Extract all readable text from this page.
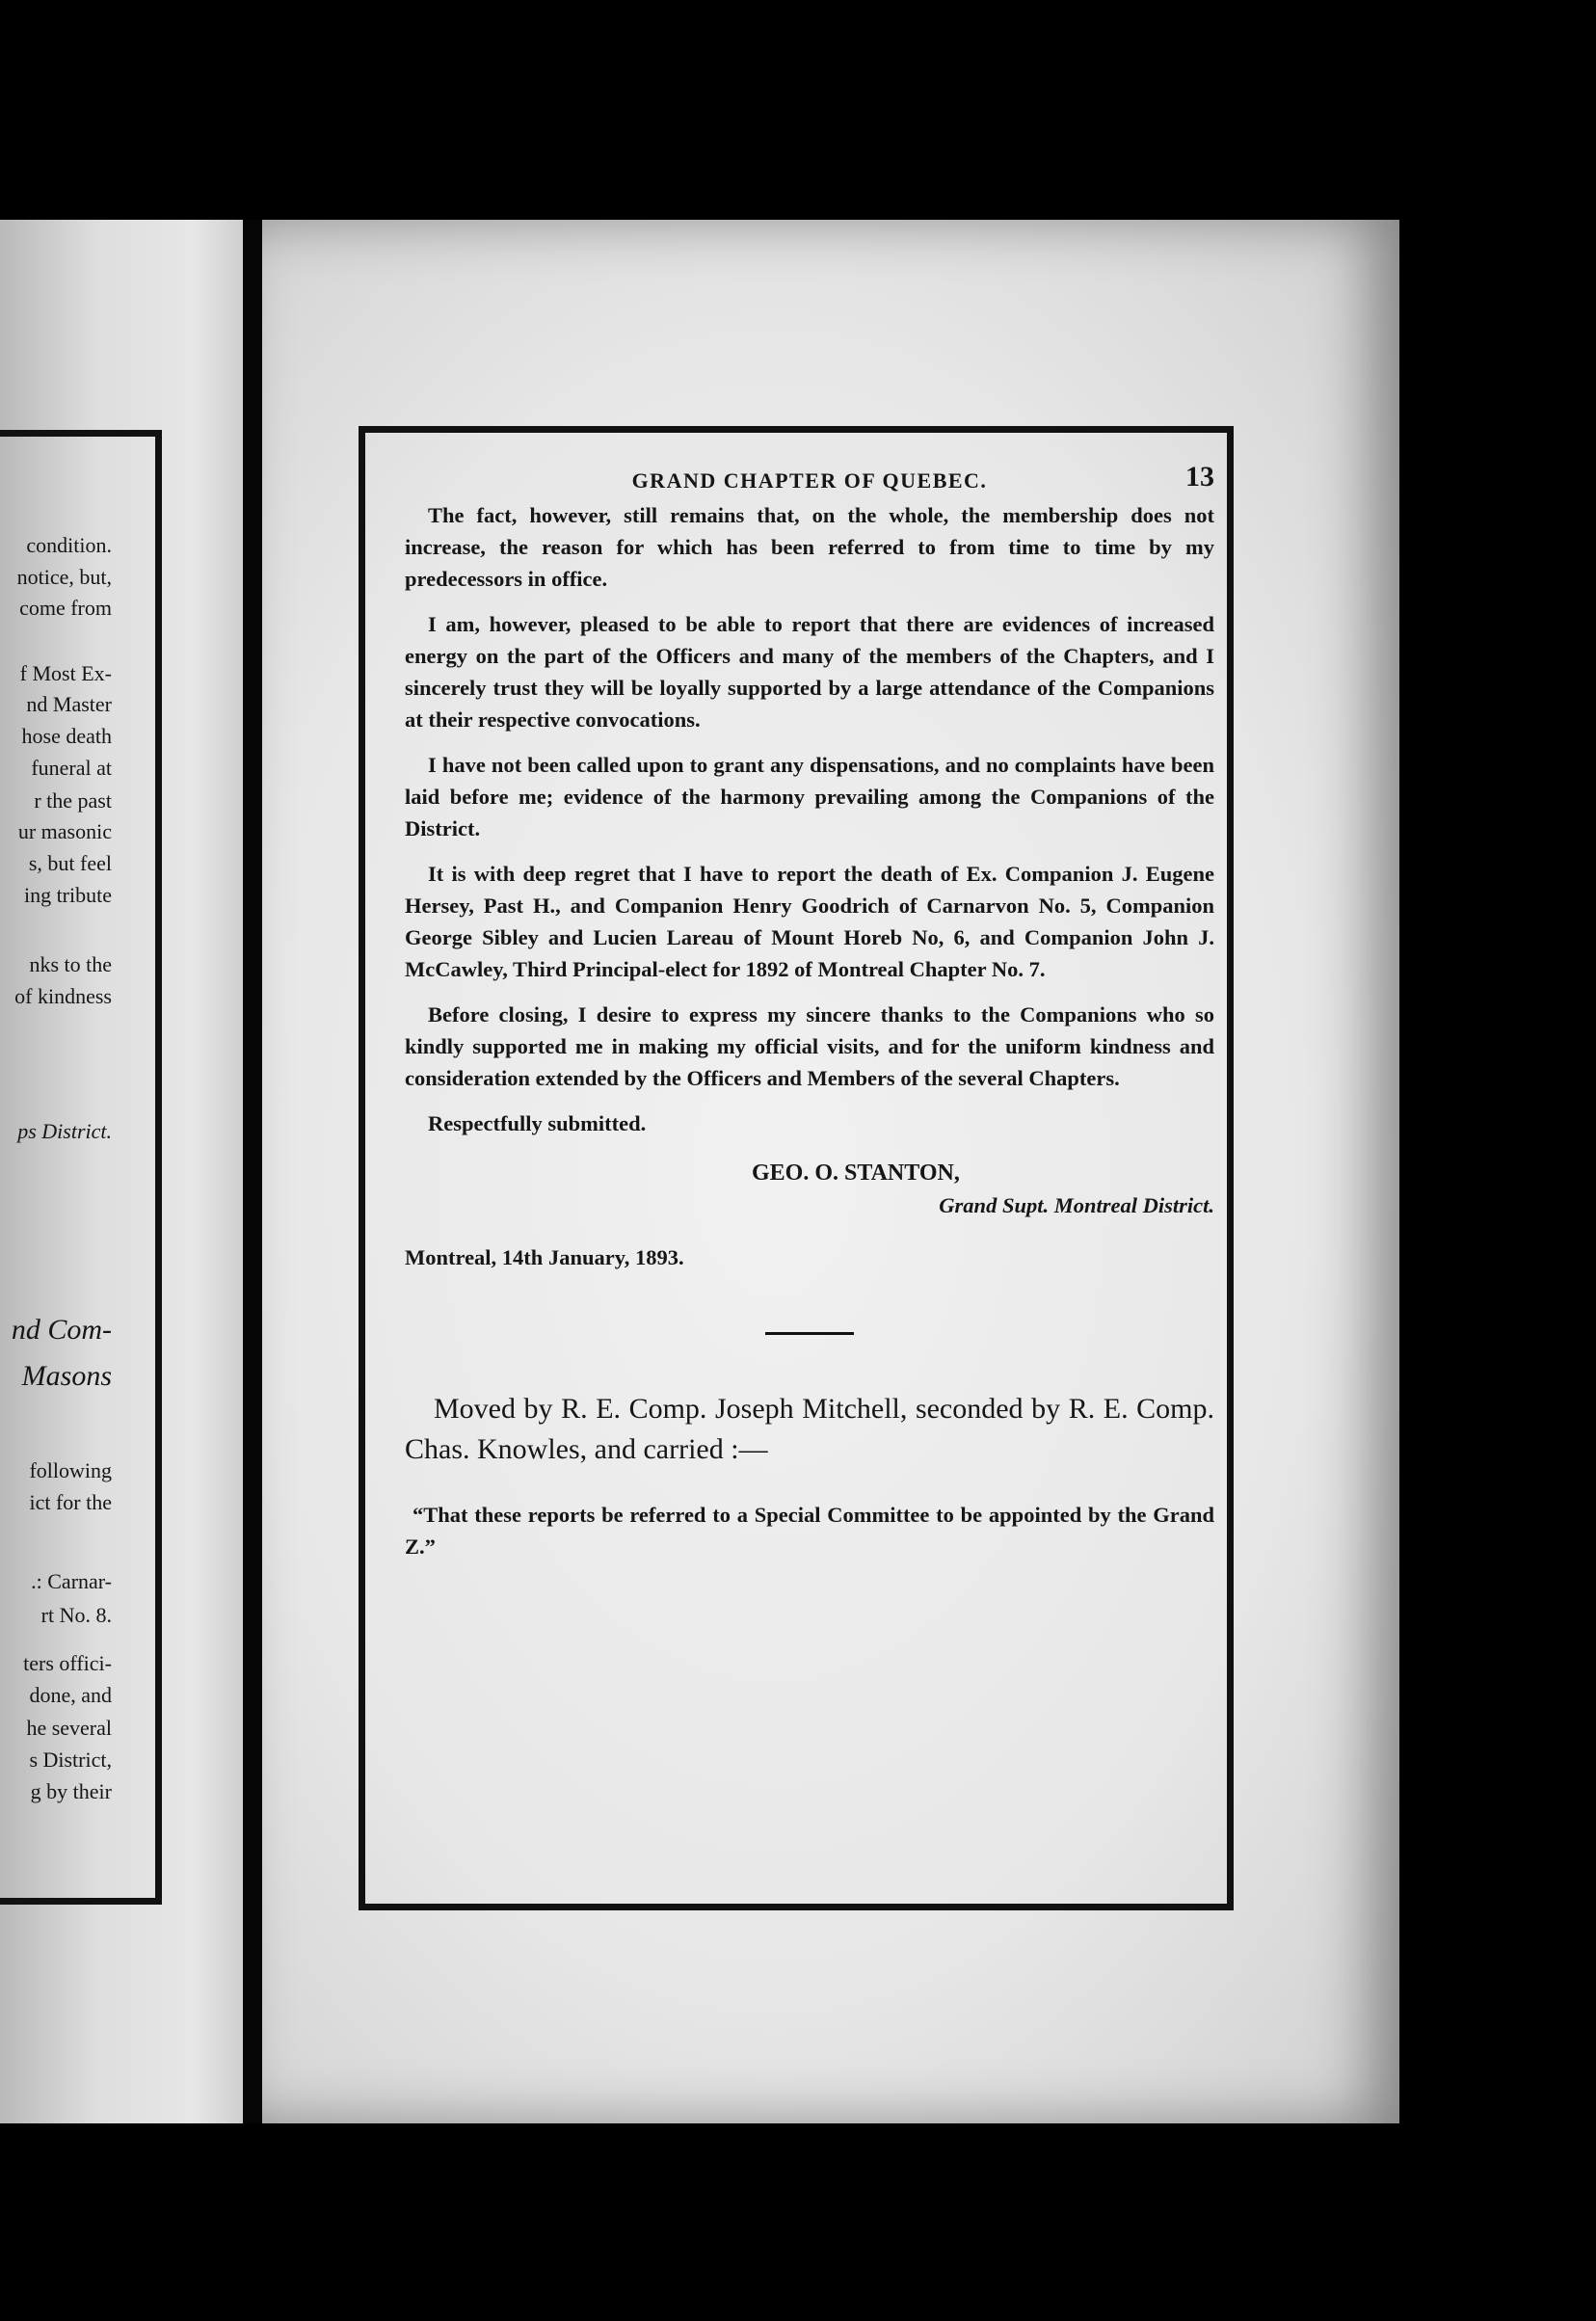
condition.
notice, but,
come from
f Most Ex-
nd Master
hose death
funeral at
r the past
ur masonic
s, but feel
ing tribute
nks to the
of kindness
ps District.
nd Com-
Masons
following
ict for the
.: Carnar-
rt No. 8.
ters offici-
done, and
he several
s District,
g by their
GRAND CHAPTER OF QUEBEC.	13

The fact, however, still remains that, on the whole, the membership does not increase, the reason for which has been referred to from time to time by my predecessors in office.

I am, however, pleased to be able to report that there are evidences of increased energy on the part of the Officers and many of the members of the Chapters, and I sincerely trust they will be loyally supported by a large attendance of the Companions at their respective convocations.

I have not been called upon to grant any dispensations, and no complaints have been laid before me; evidence of the harmony prevailing among the Companions of the District.

It is with deep regret that I have to report the death of Ex. Companion J. Eugene Hersey, Past H., and Companion Henry Goodrich of Carnarvon No. 5, Companion George Sibley and Lucien Lareau of Mount Horeb No, 6, and Companion John J. McCawley, Third Principal-elect for 1892 of Montreal Chapter No. 7.

Before closing, I desire to express my sincere thanks to the Companions who so kindly supported me in making my official visits, and for the uniform kindness and consideration extended by the Officers and Members of the several Chapters.

Respectfully submitted.
GEO. O. STANTON,
Grand Supt. Montreal District.
Montreal, 14th January, 1893.

Moved by R. E. Comp. Joseph Mitchell, seconded by R. E. Comp. Chas. Knowles, and carried :—

“That these reports be referred to a Special Committee to be appointed by the Grand Z.”
